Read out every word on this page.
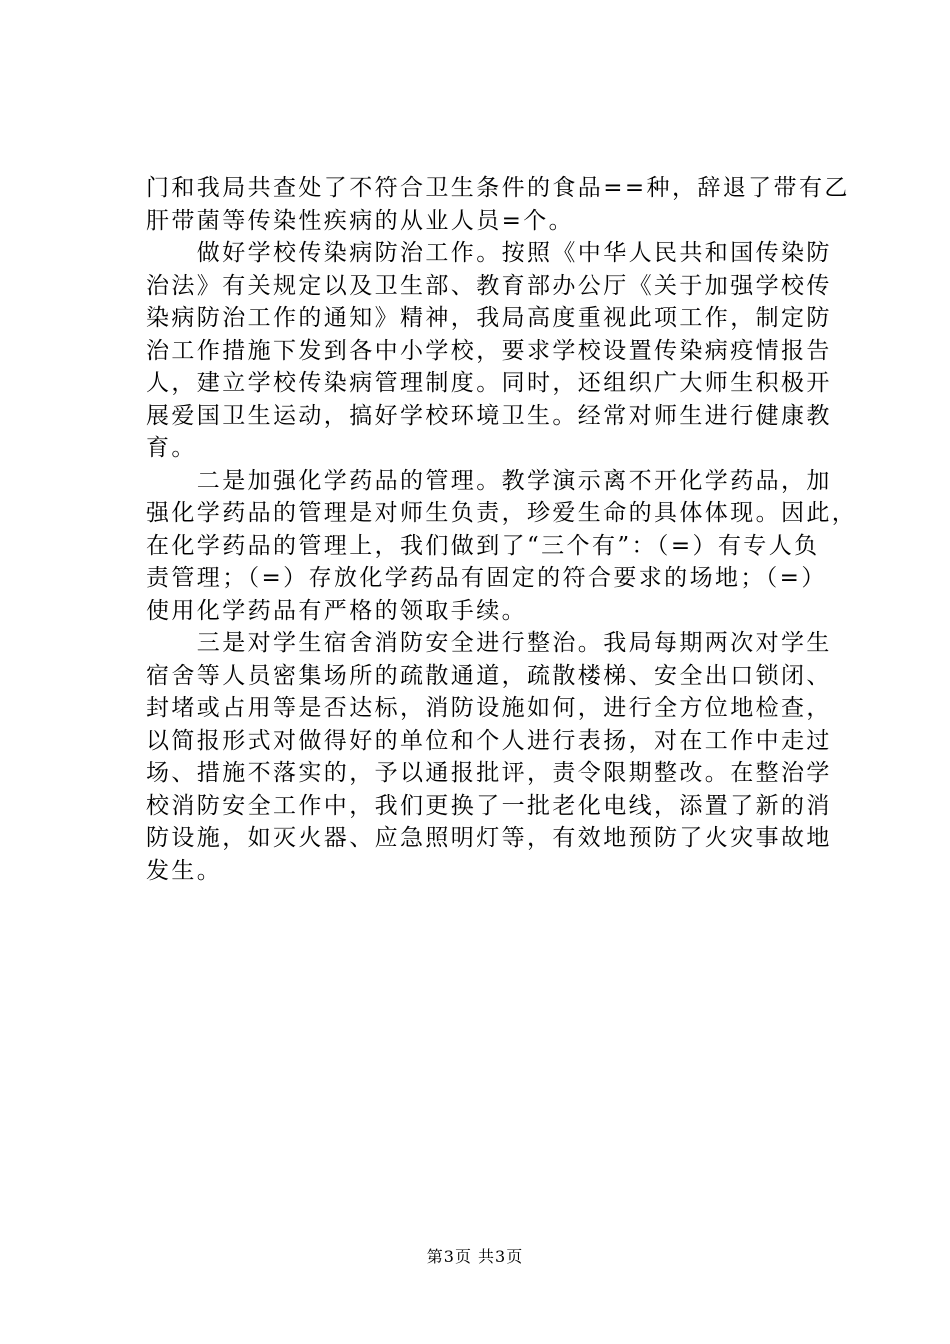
门和我局共查处了不符合卫生条件的食品==种，辞退了带有乙
肝带菌等传染性疾病的从业人员=个。
　　做好学校传染病防治工作。按照《中华人民共和国传染防
治法》有关规定以及卫生部、教育部办公厅《关于加强学校传
染病防治工作的通知》精神，我局高度重视此项工作，制定防
治工作措施下发到各中小学校，要求学校设置传染病疫情报告
人，建立学校传染病管理制度。同时，还组织广大师生积极开
展爱国卫生运动，搞好学校环境卫生。经常对师生进行健康教
育。
　　二是加强化学药品的管理。教学演示离不开化学药品，加
强化学药品的管理是对师生负责，珍爱生命的具体体现。因此，
在化学药品的管理上，我们做到了“三个有”：（=）有专人负
责管理；（=）存放化学药品有固定的符合要求的场地；（=）
使用化学药品有严格的领取手续。
　　三是对学生宿舍消防安全进行整治。我局每期两次对学生
宿舍等人员密集场所的疏散通道，疏散楼梯、安全出口锁闭、
封堵或占用等是否达标，消防设施如何，进行全方位地检查，
以简报形式对做得好的单位和个人进行表扬，对在工作中走过
场、措施不落实的，予以通报批评，责令限期整改。在整治学
校消防安全工作中，我们更换了一批老化电线，添置了新的消
防设施，如灭火器、应急照明灯等，有效地预防了火灾事故地
发生。
第3页 共3页
